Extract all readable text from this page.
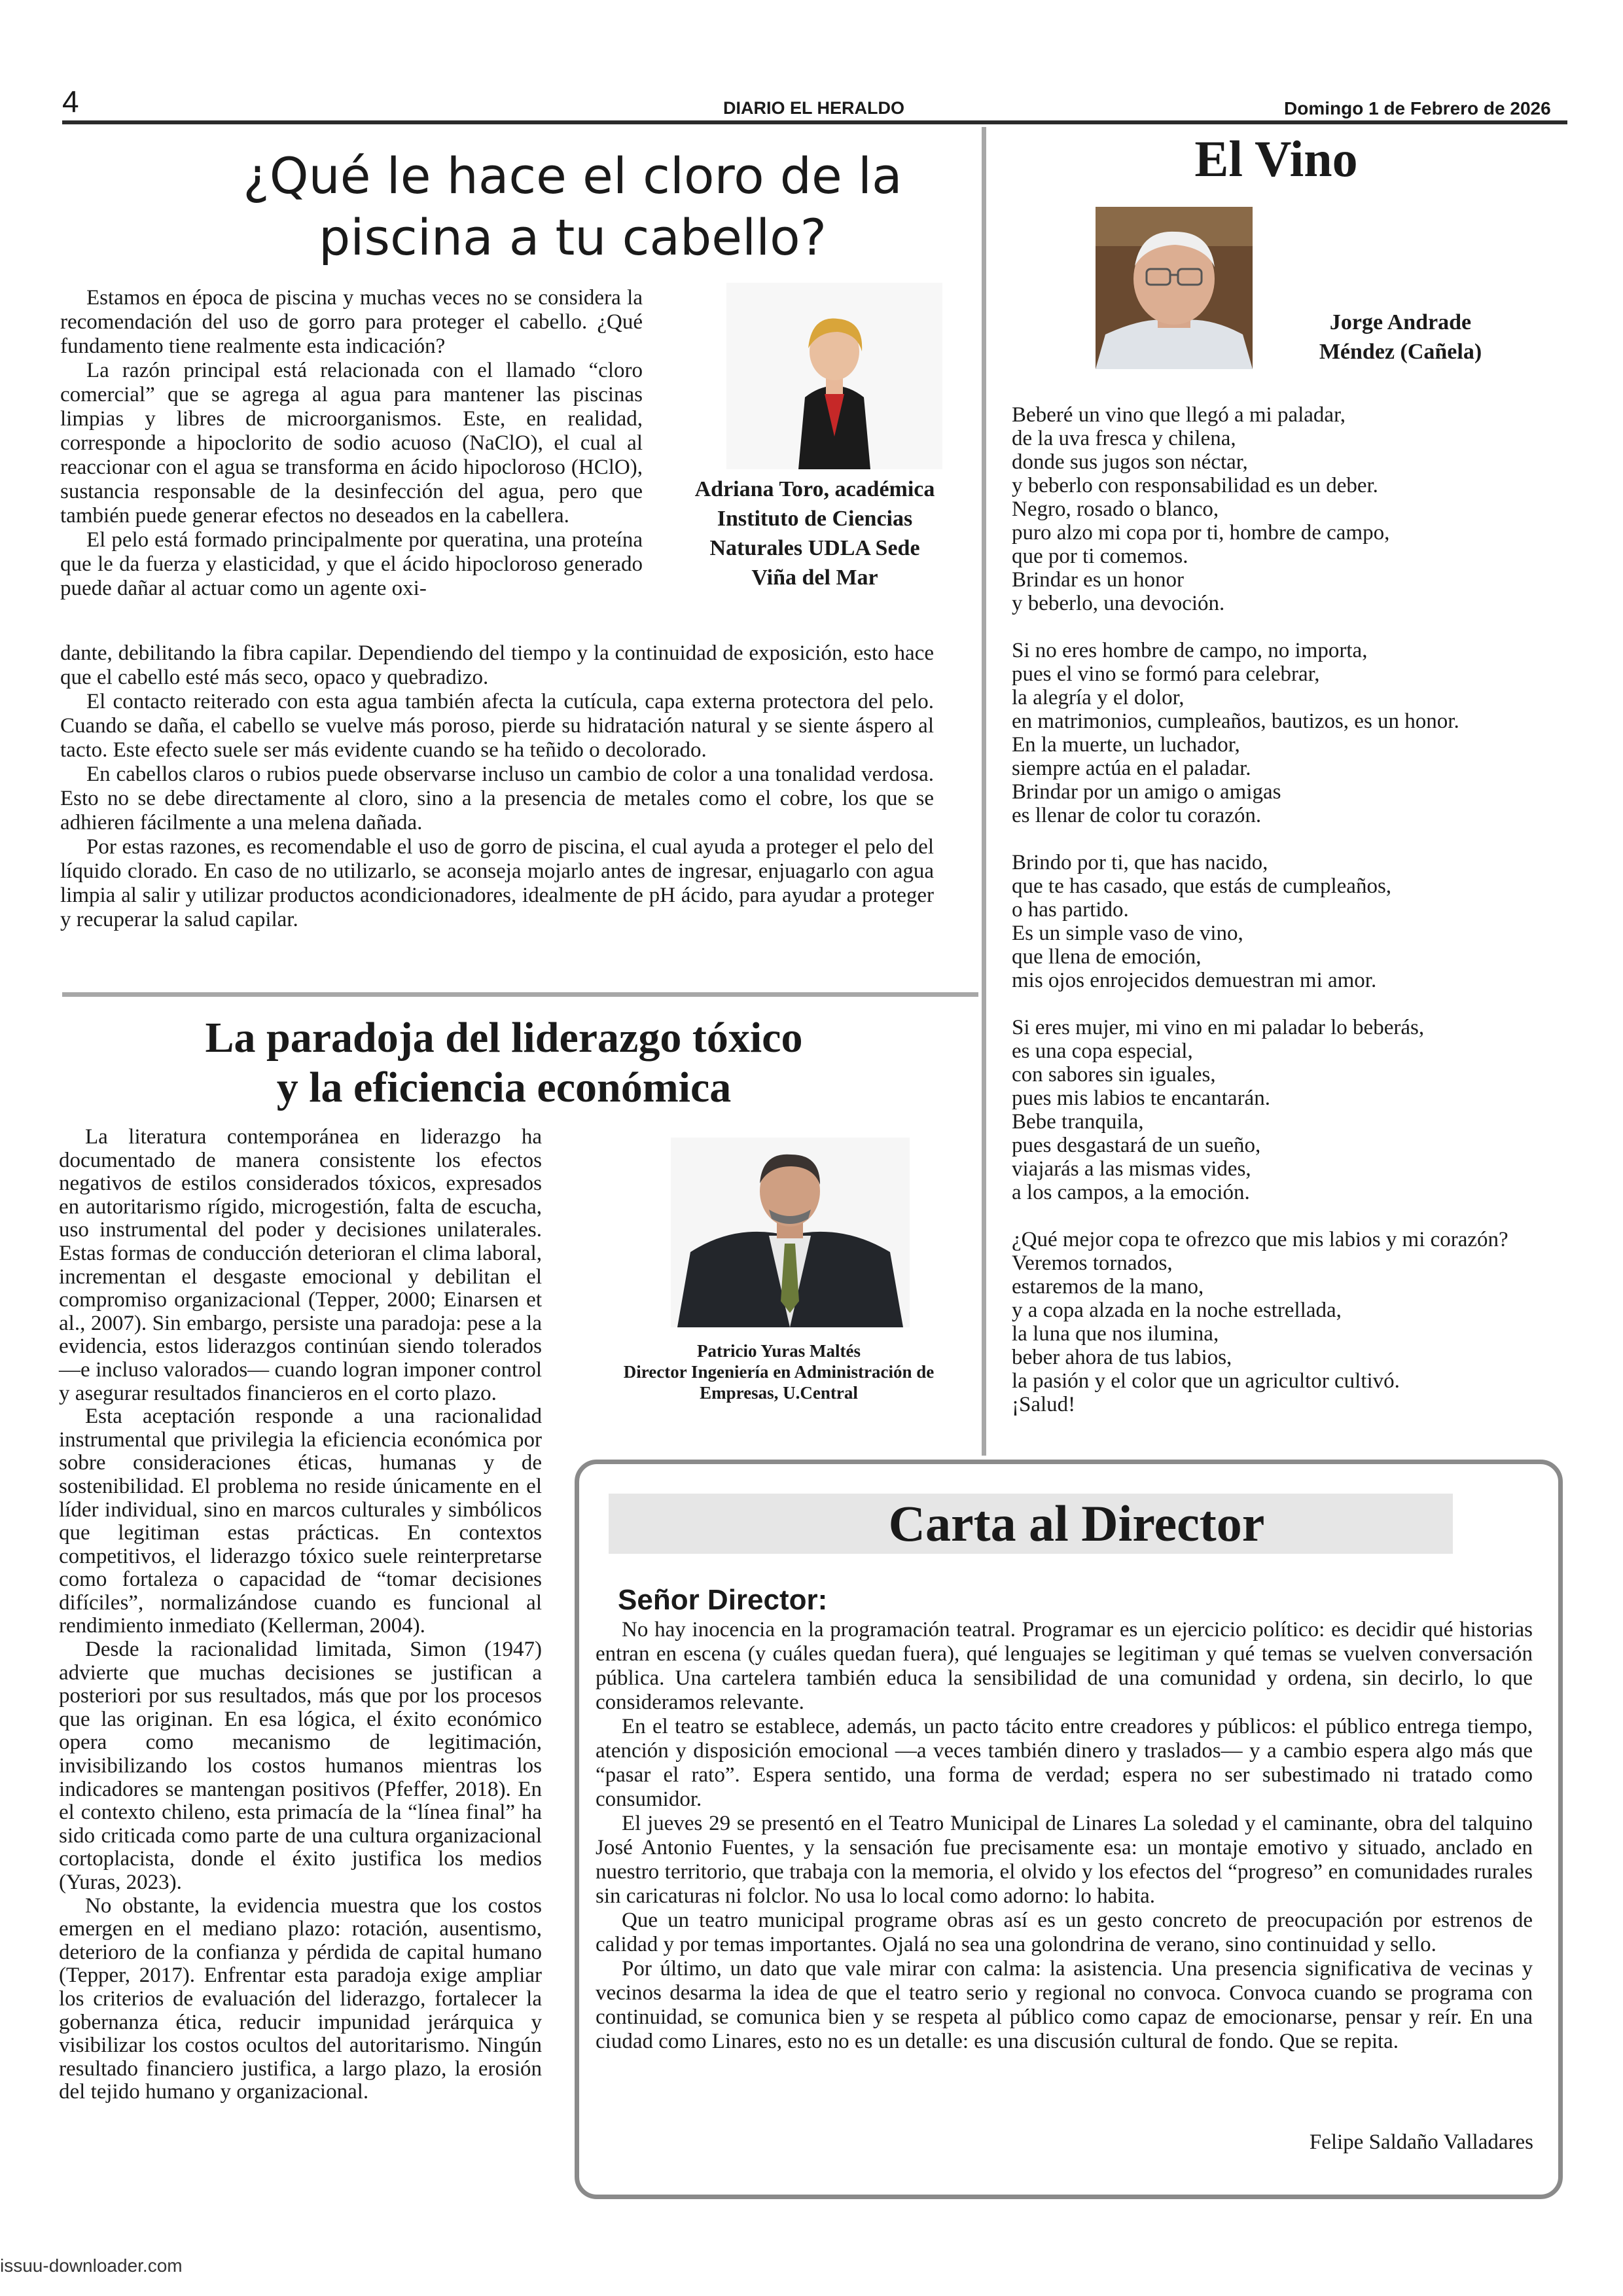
4	DIARIO EL HERALDO	Domingo 1 de Febrero de 2026
¿Qué le hace el cloro de la
piscina a tu cabello?

Estamos en época de piscina y muchas veces no se considera la recomendación del uso de gorro para proteger el cabello. ¿Qué fundamento tiene realmente esta indicación?

La razón principal está relacionada con el llamado “cloro comercial” que se agrega al agua para mantener las piscinas limpias y libres de microorganismos. Este, en realidad, corresponde a hipoclorito de sodio acuoso (NaClO), el cual al reaccionar con el agua se transforma en ácido hipocloroso (HClO), sustancia responsable de la desinfección del agua, pero que también puede generar efectos no deseados en la cabellera.

El pelo está formado principalmente por queratina, una proteína que le da fuerza y elasticidad, y que el ácido hipocloroso generado puede dañar al actuar como un agente oxi-

Adriana Toro, académica
Instituto de Ciencias
Naturales UDLA Sede
Viña del Mar

dante, debilitando la fibra capilar. Dependiendo del tiempo y la continuidad de exposición, esto hace que el cabello esté más seco, opaco y quebradizo.

El contacto reiterado con esta agua también afecta la cutícula, capa externa protectora del pelo. Cuando se daña, el cabello se vuelve más poroso, pierde su hidratación natural y se siente áspero al tacto. Este efecto suele ser más evidente cuando se ha teñido o decolorado.

En cabellos claros o rubios puede observarse incluso un cambio de color a una tonalidad verdosa. Esto no se debe directamente al cloro, sino a la presencia de metales como el cobre, los que se adhieren fácilmente a una melena dañada.

Por estas razones, es recomendable el uso de gorro de piscina, el cual ayuda a proteger el pelo del líquido clorado. En caso de no utilizarlo, se aconseja mojarlo antes de ingresar, enjuagarlo con agua limpia al salir y utilizar productos acondicionadores, idealmente de pH ácido, para ayudar a proteger y recuperar la salud capilar.

La paradoja del liderazgo tóxico
y la eficiencia económica

La literatura contemporánea en liderazgo ha documentado de manera consistente los efectos negativos de estilos considerados tóxicos, expresados en autoritarismo rígido, microgestión, falta de escucha, uso instrumental del poder y decisiones unilaterales. Estas formas de conducción deterioran el clima laboral, incrementan el desgaste emocional y debilitan el compromiso organizacional (Tepper, 2000; Einarsen et al., 2007). Sin embargo, persiste una paradoja: pese a la evidencia, estos liderazgos continúan siendo tolerados —e incluso valorados— cuando logran imponer control y asegurar resultados financieros en el corto plazo.

Esta aceptación responde a una racionalidad instrumental que privilegia la eficiencia económica por sobre consideraciones éticas, humanas y de sostenibilidad. El problema no reside únicamente en el líder individual, sino en marcos culturales y simbólicos que legitiman estas prácticas. En contextos competitivos, el liderazgo tóxico suele reinterpretarse como fortaleza o capacidad de “tomar decisiones difíciles”, normalizándose cuando es funcional al rendimiento inmediato (Kellerman, 2004).

Desde la racionalidad limitada, Simon (1947) advierte que muchas decisiones se justifican a posteriori por sus resultados, más que por los procesos que las originan. En esa lógica, el éxito económico opera como mecanismo de legitimación, invisibilizando los costos humanos mientras los indicadores se mantengan positivos (Pfeffer, 2018). En el contexto chileno, esta primacía de la “línea final” ha sido criticada como parte de una cultura organizacional cortoplacista, donde el éxito justifica los medios (Yuras, 2023).

No obstante, la evidencia muestra que los costos emergen en el mediano plazo: rotación, ausentismo, deterioro de la confianza y pérdida de capital humano (Tepper, 2017). Enfrentar esta paradoja exige ampliar los criterios de evaluación del liderazgo, fortalecer la gobernanza ética, reducir impunidad jerárquica y visibilizar los costos ocultos del autoritarismo. Ningún resultado financiero justifica, a largo plazo, la erosión del tejido humano y organizacional.

Patricio Yuras Maltés
Director Ingeniería en Administración de
Empresas, U.Central
El Vino
Jorge Andrade
Méndez (Cañela)
Beberé un vino que llegó a mi paladar,
de la uva fresca y chilena,
donde sus jugos son néctar,
y beberlo con responsabilidad es un deber.
Negro, rosado o blanco,
puro alzo mi copa por ti, hombre de campo,
que por ti comemos.
Brindar es un honor
y beberlo, una devoción.
Si no eres hombre de campo, no importa,
pues el vino se formó para celebrar,
la alegría y el dolor,
en matrimonios, cumpleaños, bautizos, es un honor.
En la muerte, un luchador,
siempre actúa en el paladar.
Brindar por un amigo o amigas
es llenar de color tu corazón.
Brindo por ti, que has nacido,
que te has casado, que estás de cumpleaños,
o has partido.
Es un simple vaso de vino,
que llena de emoción,
mis ojos enrojecidos demuestran mi amor.
Si eres mujer, mi vino en mi paladar lo beberás,
es una copa especial,
con sabores sin iguales,
pues mis labios te encantarán.
Bebe tranquila,
pues desgastará de un sueño,
viajarás a las mismas vides,
a los campos, a la emoción.
¿Qué mejor copa te ofrezco que mis labios y mi corazón?
Veremos tornados,
estaremos de la mano,
y a copa alzada en la noche estrellada,
la luna que nos ilumina,
beber ahora de tus labios,
la pasión y el color que un agricultor cultivó.
¡Salud!
Carta al Director
Señor Director:

No hay inocencia en la programación teatral. Programar es un ejercicio político: es decidir qué historias entran en escena (y cuáles quedan fuera), qué lenguajes se legitiman y qué temas se vuelven conversación pública. Una cartelera también educa la sensibilidad de una comunidad y ordena, sin decirlo, lo que consideramos relevante.

En el teatro se establece, además, un pacto tácito entre creadores y públicos: el público entrega tiempo, atención y disposición emocional —a veces también dinero y traslados— y a cambio espera algo más que “pasar el rato”. Espera sentido, una forma de verdad; espera no ser subestimado ni tratado como consumidor.

El jueves 29 se presentó en el Teatro Municipal de Linares La soledad y el caminante, obra del talquino José Antonio Fuentes, y la sensación fue precisamente esa: un montaje emotivo y situado, anclado en nuestro territorio, que trabaja con la memoria, el olvido y los efectos del “progreso” en comunidades rurales sin caricaturas ni folclor. No usa lo local como adorno: lo habita.

Que un teatro municipal programe obras así es un gesto concreto de preocupación por estrenos de calidad y por temas importantes. Ojalá no sea una golondrina de verano, sino continuidad y sello.

Por último, un dato que vale mirar con calma: la asistencia. Una presencia significativa de vecinas y vecinos desarma la idea de que el teatro serio y regional no convoca. Convoca cuando se programa con continuidad, se comunica bien y se respeta al público como capaz de emocionarse, pensar y reír. En una ciudad como Linares, esto no es un detalle: es una discusión cultural de fondo. Que se repita.

Felipe Saldaño Valladares
issuu-downloader.com
